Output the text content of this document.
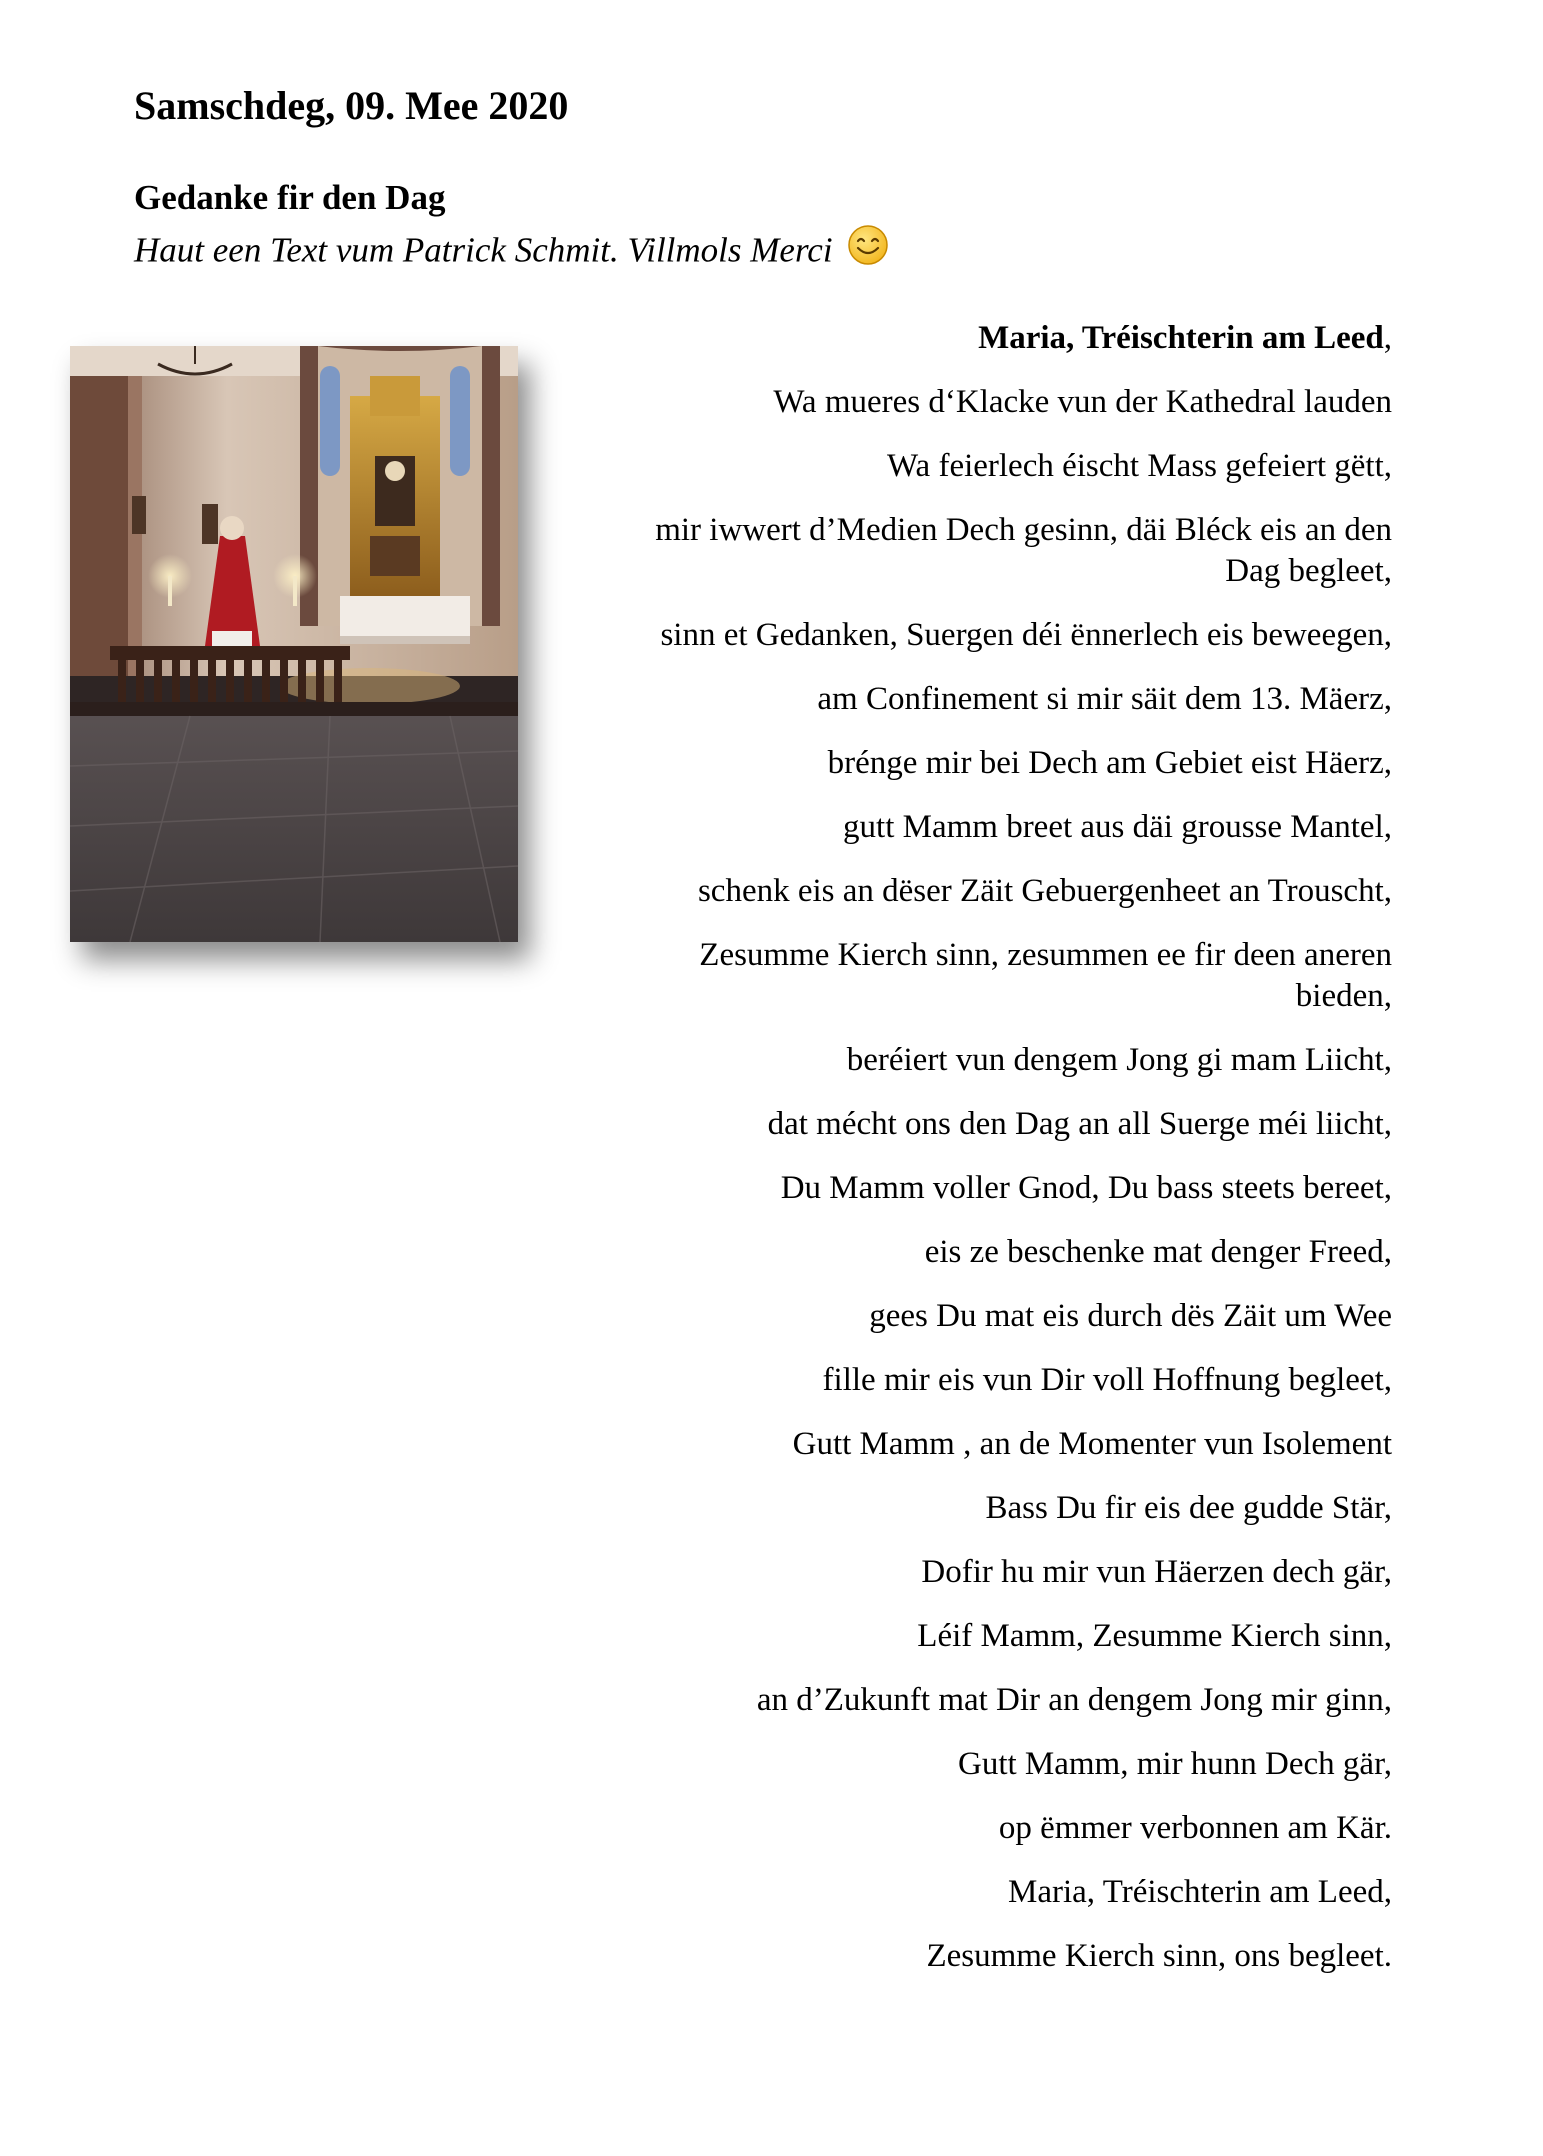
Samschdeg, 09. Mee 2020
Gedanke fir den Dag
Haut een Text vum Patrick Schmit. Villmols Merci

Maria, Tréischterin am Leed,

Wa mueres d‘Klacke vun der Kathedral lauden

Wa feierlech éischt Mass gefeiert gëtt,

mir iwwert d’Medien Dech gesinn, däi Bléck eis an den Dag begleet,

sinn et Gedanken, Suergen déi ënnerlech eis beweegen,

am Confinement si mir säit dem 13. Mäerz,

brénge mir bei Dech am Gebiet eist Häerz,

gutt Mamm breet aus däi grousse Mantel,

schenk eis an dëser Zäit Gebuergenheet an Trouscht,

Zesumme Kierch sinn, zesummen ee fir deen aneren bieden,

beréiert vun dengem Jong gi mam Liicht,

dat mécht ons den Dag an all Suerge méi liicht,

Du Mamm voller Gnod, Du bass steets bereet,

eis ze beschenke mat denger Freed,

gees Du mat eis durch dës Zäit um Wee

fille mir eis vun Dir voll Hoffnung begleet,

Gutt Mamm , an de Momenter vun Isolement

Bass Du fir eis dee gudde Stär,

Dofir hu mir vun Häerzen dech gär,

Léif Mamm, Zesumme Kierch sinn,

an d’Zukunft mat Dir an dengem Jong mir ginn,

Gutt Mamm, mir hunn Dech gär,

op ëmmer verbonnen am Kär.

Maria, Tréischterin am Leed,

Zesumme Kierch sinn, ons begleet.
